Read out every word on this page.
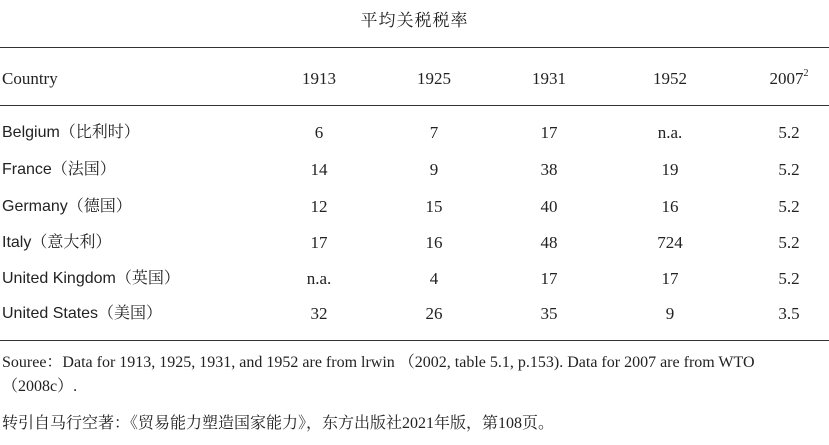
平均关税税率
Country	1913	1925	1931	1952	2007$^2$
Belgium（比利时）	6	7	17	n.a.	5.2
France（法国）	14	9	38	19	5.2
Germany（德国）	12	15	40	16	5.2
Italy（意大利）	17	16	48	724	5.2
United Kingdom（英国）	n.a.	4	17	17	5.2
United States（美国）	32	26	35	9	3.5
Souree：Data for 1913, 1925, 1931, and 1952 are from lrwin （2002, table 5.1, p.153). Data for 2007 are from WTO（2008c）.
转引自马行空著：《贸易能力塑造国家能力》，东方出版社2021年版，第108页。
